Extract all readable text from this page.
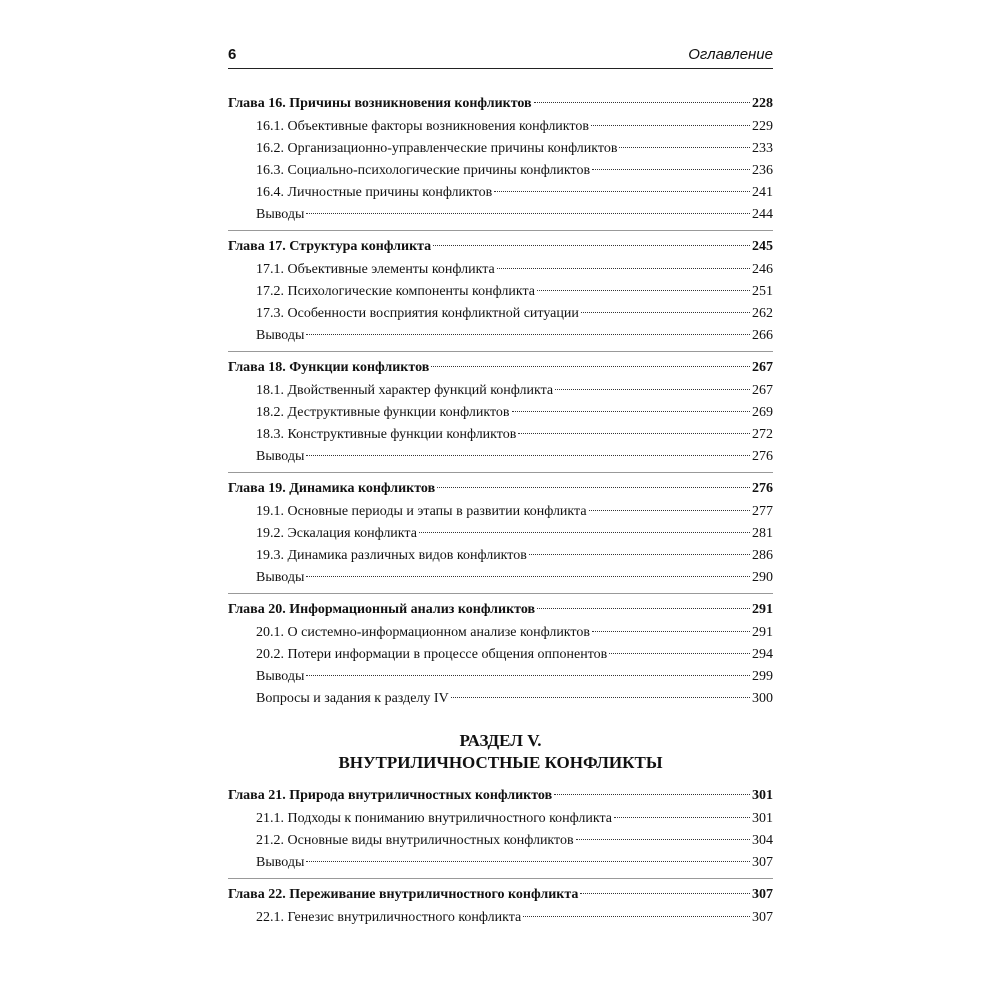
6	Оглавление
Глава 16. Причины возникновения конфликтов	228
16.1. Объективные факторы возникновения конфликтов	229
16.2. Организационно-управленческие причины конфликтов	233
16.3. Социально-психологические причины конфликтов	236
16.4. Личностные причины конфликтов	241
Выводы	244
Глава 17. Структура конфликта	245
17.1. Объективные элементы конфликта	246
17.2. Психологические компоненты конфликта	251
17.3. Особенности восприятия конфликтной ситуации	262
Выводы	266
Глава 18. Функции конфликтов	267
18.1. Двойственный характер функций конфликта	267
18.2. Деструктивные функции конфликтов	269
18.3. Конструктивные функции конфликтов	272
Выводы	276
Глава 19. Динамика конфликтов	276
19.1. Основные периоды и этапы в развитии конфликта	277
19.2. Эскалация конфликта	281
19.3. Динамика различных видов конфликтов	286
Выводы	290
Глава 20. Информационный анализ конфликтов	291
20.1. О системно-информационном анализе конфликтов	291
20.2. Потери информации в процессе общения оппонентов	294
Выводы	299
Вопросы и задания к разделу IV	300
РАЗДЕЛ V.
ВНУТРИЛИЧНОСТНЫЕ КОНФЛИКТЫ
Глава 21. Природа внутриличностных конфликтов	301
21.1. Подходы к пониманию внутриличностного конфликта	301
21.2. Основные виды внутриличностных конфликтов	304
Выводы	307
Глава 22. Переживание внутриличностного конфликта	307
22.1. Генезис внутриличностного конфликта	307
